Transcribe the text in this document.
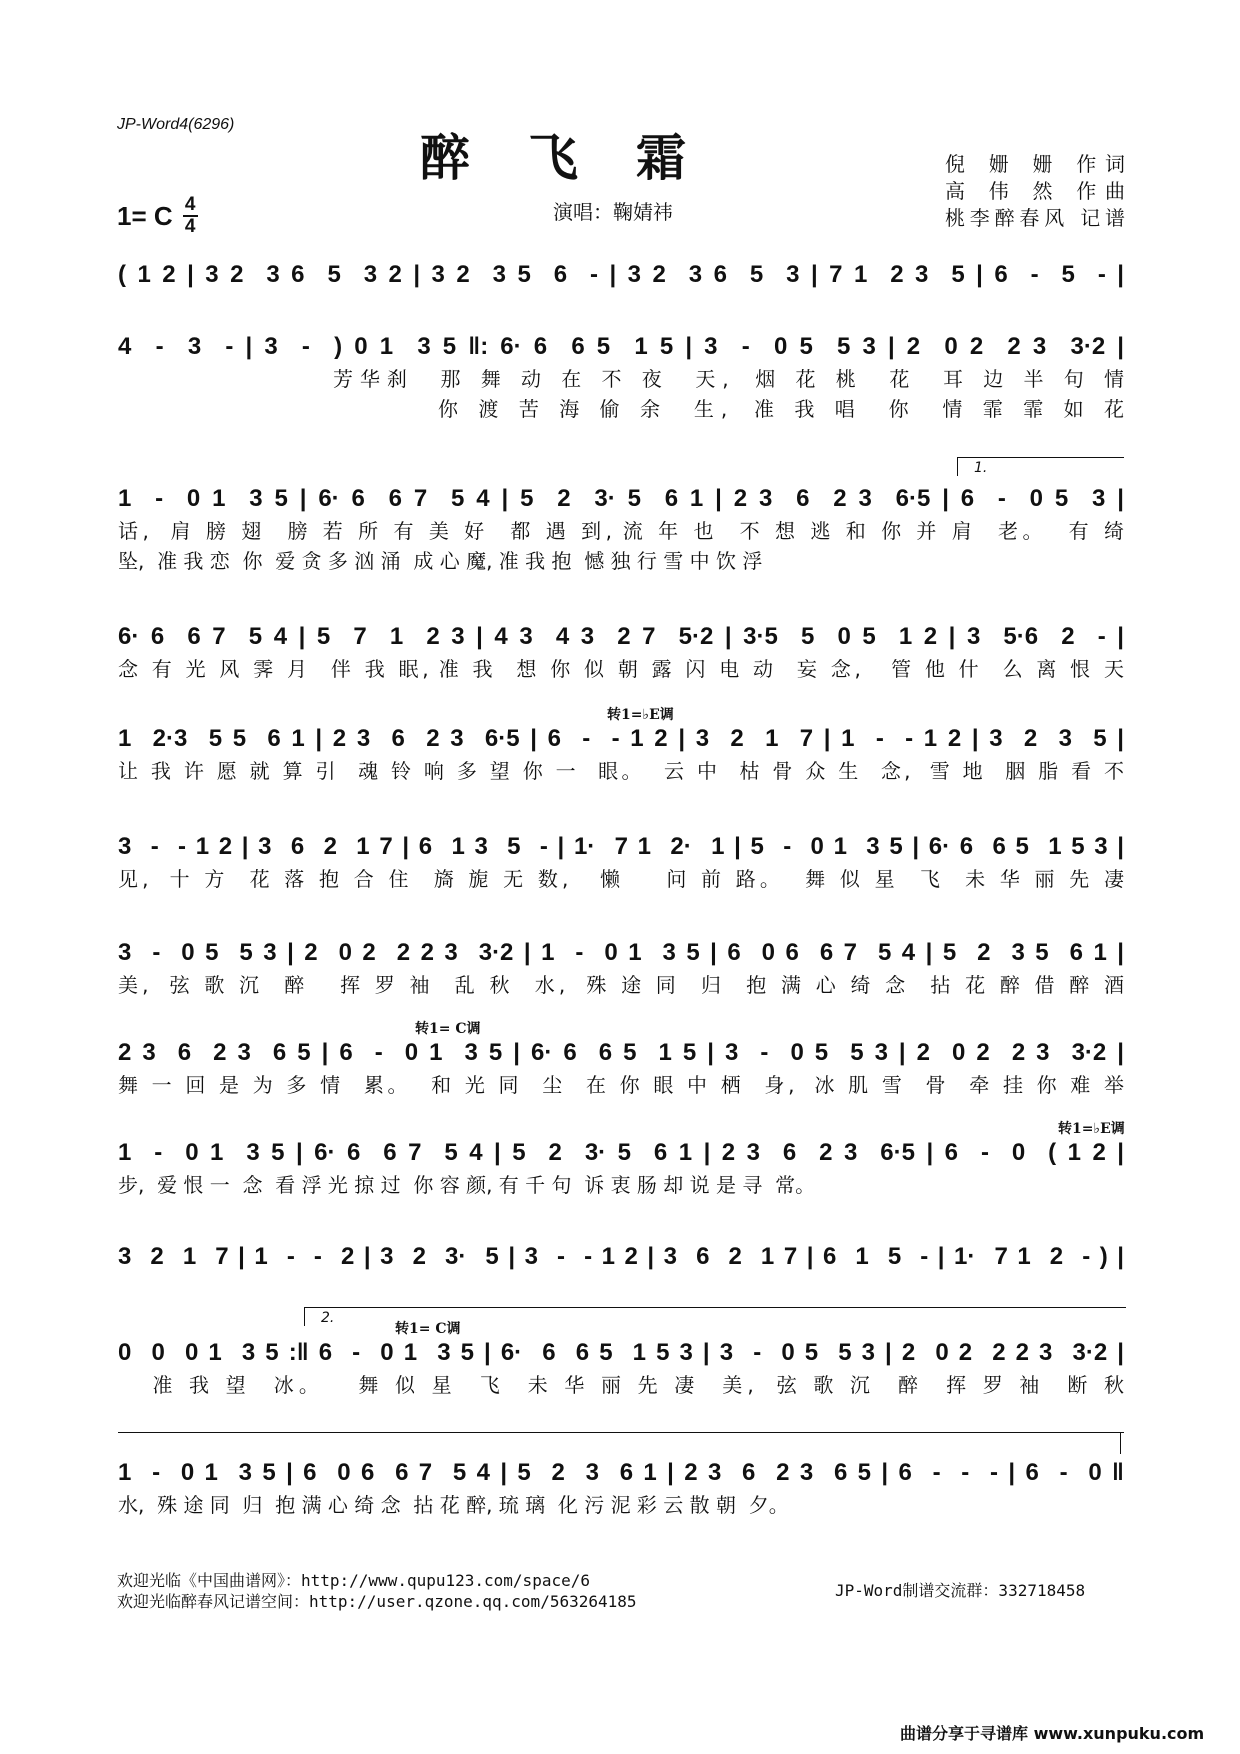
JP-Word4(6296)
醉飞霜
1= C 4
4
演唱：鞠婧祎
倪 姗 姗 作词
高 伟 然 作曲
桃李醉春风 记谱
( 1 2 | 3 2  3 6  5  3 2 | 3 2  3 5  6  - | 3 2  3 6  5  3 | 7 1  2 3  5 | 6  -  5  - |
4  -  3  - | 3  -  ) 0 1  3 5 ‖: 6· 6  6 5  1 5 | 3  -  0 5  5 3 | 2  0 2  2 3  3·2 |
芳华刹  那 舞 动 在 不 夜  天,  烟 花 桃  花  耳 边 半 句 情
你 渡 苦 海 偷 余  生,  准 我 唱  你  情 霏 霏 如 花
1.
1  -  0 1  3 5 | 6· 6  6 7  5 4 | 5  2  3· 5  6 1 | 2 3  6  2 3  6·5 | 6  -  0 5  3 |
话,  肩 膀 翅  膀 若 所 有 美 好  都 遇 到, 流 年 也  不 想 逃 和 你 并 肩  老。  有 绮
坠,  准 我 恋  你  爱 贪 多 汹 涌  成 心 魔, 准 我 抱  憾 独 行 雪 中 饮 浮
6· 6  6 7  5 4 | 5  7  1  2 3 | 4 3  4 3  2 7  5·2 | 3·5  5  0 5  1 2 | 3  5·6  2  - |
念 有 光 风 霁 月  伴 我 眠, 准 我  想 你 似 朝 露 闪 电 动  妄 念,   管 他 什  么 离 恨 天
转1=♭E调
1  2·3  5 5  6 1 | 2 3  6  2 3  6·5 | 6  -  - 1 2 | 3  2  1  7 | 1  -  - 1 2 | 3  2  3  5 |
让 我 许 愿 就 算 引  魂 铃 响 多 望 你 一  眼。  云 中  枯 骨 众 生  念,  雪 地  胭 脂 看 不
3  -  - 1 2 | 3  6  2  1 7 | 6  1 3  5  - | 1·  7 1  2·  1 | 5  -  0 1  3 5 | 6· 6  6 5  1 5 3 |
见,  十 方  花 落 抱 合 住  旖 旎 无 数,   懒    问 前 路。  舞 似 星  飞  未 华 丽 先 凄
3  -  0 5  5 3 | 2  0 2  2 2 3  3·2 | 1  -  0 1  3 5 | 6  0 6  6 7  5 4 | 5  2  3 5  6 1 |
美,  弦 歌 沉  醉   挥 罗 袖  乱 秋  水,  殊 途 同  归  抱 满 心 绮 念  拈 花 醉 借 醉 酒
转1= C调
2 3  6  2 3  6 5 | 6  -  0 1  3 5 | 6· 6  6 5  1 5 | 3  -  0 5  5 3 | 2  0 2  2 3  3·2 |
舞 一 回 是 为 多 情  累。  和 光 同  尘  在 你 眼 中 栖  身,  冰 肌 雪  骨  牵 挂 你 难 举
转1=♭E调
1  -  0 1  3 5 | 6· 6  6 7  5 4 | 5  2  3· 5  6 1 | 2 3  6  2 3  6·5 | 6  -  0  ( 1 2 |
步,  爱 恨 一  念  看 浮 光 掠 过  你 容 颜, 有 千 句  诉 衷 肠 却 说 是 寻  常。
3  2  1  7 | 1  -  -  2 | 3  2  3·  5 | 3  -  - 1 2 | 3  6  2  1 7 | 6  1  5  - | 1·  7 1  2  - ) |
2.
转1= C调
0  0  0 1  3 5 :‖ 6  -  0 1  3 5 | 6·  6  6 5  1 5 3 | 3  -  0 5  5 3 | 2  0 2  2 2 3  3·2 |
准 我 望  冰。   舞 似 星  飞  未 华 丽 先 凄  美,  弦 歌 沉  醉  挥 罗 袖  断 秋
1  -  0 1  3 5 | 6  0 6  6 7  5 4 | 5  2  3  6 1 | 2 3  6  2 3  6 5 | 6  -  -  - | 6  -  0 ‖
水,  殊 途 同  归  抱 满 心 绮 念  拈 花 醉, 琉 璃  化 污 泥 彩 云 散 朝  夕。
欢迎光临《中国曲谱网》：http://www.qupu123.com/space/6
欢迎光临醉春风记谱空间：http://user.qzone.qq.com/563264185
JP-Word制谱交流群：332718458
曲谱分享于寻谱库 www.xunpuku.com
